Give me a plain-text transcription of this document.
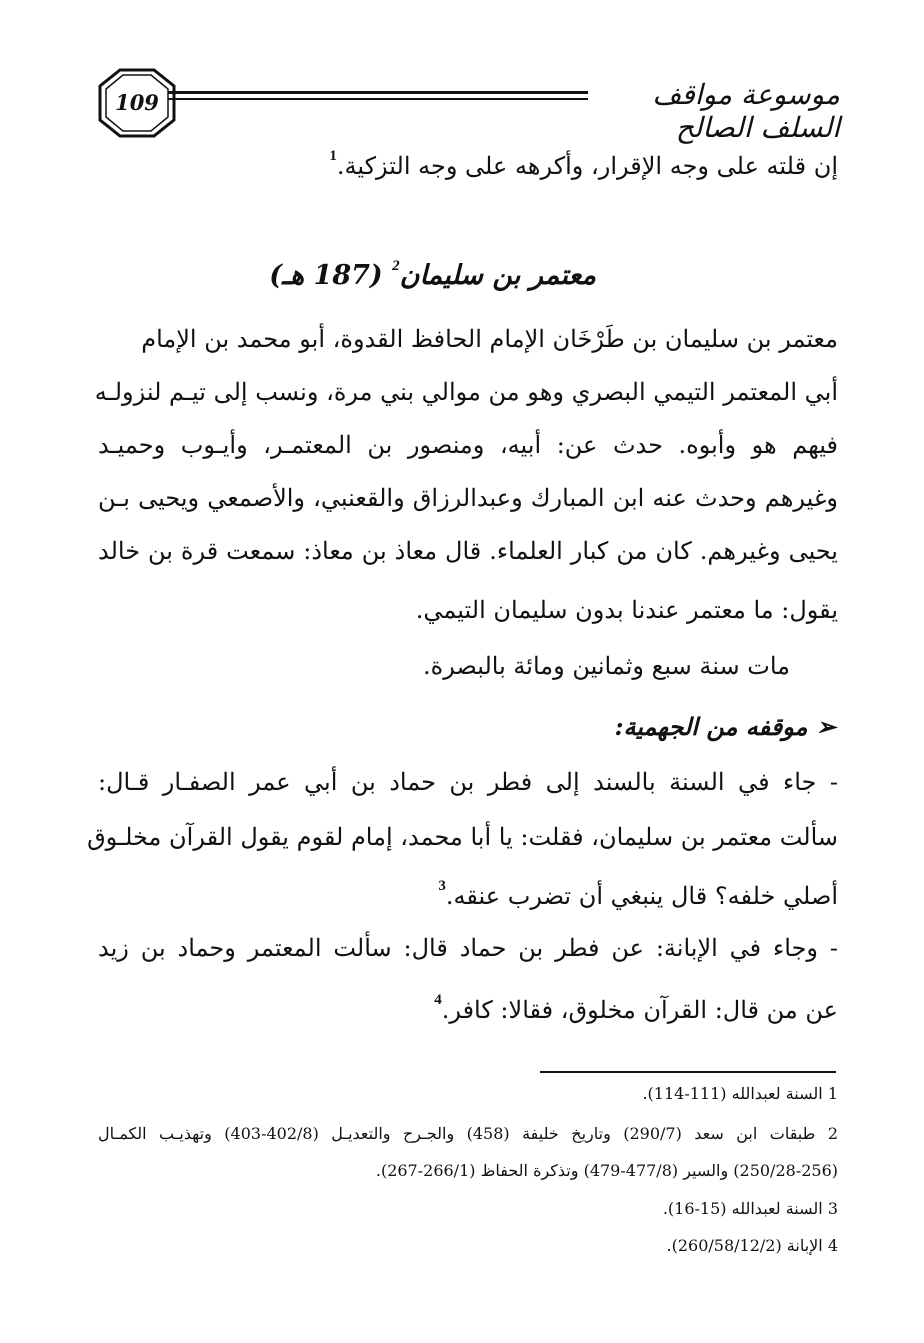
109	موسوعة مواقف السلف الصالح
إن قلته على وجه الإقرار، وأكرهه على وجه التزكية.$^1$
معتمر بن سليمان$^2$ (187 هـ)
معتمر بن سليمان بن طَرْخَان الإمام الحافظ القدوة، أبو محمد بن الإمام
أبي المعتمر التيمي البصري وهو من موالي بني مرة، ونسب إلى تيـم لنزولـه
فيهم هو وأبوه. حدث عن: أبيه، ومنصور بن المعتمـر، وأيـوب وحميـد
وغيرهم وحدث عنه ابن المبارك وعبدالرزاق والقعنبي، والأصمعي ويحيى بـن
يحيى وغيرهم. كان من كبار العلماء. قال معاذ بن معاذ: سمعت قرة بن خالد
يقول: ما معتمر عندنا بدون سليمان التيمي.
مات سنة سبع وثمانين ومائة بالبصرة.
➢ موقفه من الجهمية:
- جاء في السنة بالسند إلى فطر بن حماد بن أبي عمر الصفـار قـال:
سألت معتمر بن سليمان، فقلت: يا أبا محمد، إمام لقوم يقول القرآن مخلـوق
أصلي خلفه؟ قال ينبغي أن تضرب عنقه.$^3$
- وجاء في الإبانة: عن فطر بن حماد قال: سألت المعتمر وحماد بن زيد
عن من قال: القرآن مخلوق، فقالا: كافر.$^4$
1 السنة لعبدالله (111-114).
2 طبقات ابن سعد (290/7) وتاريخ خليفة (458) والجـرح والتعديـل (402/8-403) وتهذيـب الكمـال
(250/28-256) والسير (477/8-479) وتذكرة الحفاظ (266/1-267).
3 السنة لعبدالله (15-16).
4 الإبانة (260/58/12/2).
